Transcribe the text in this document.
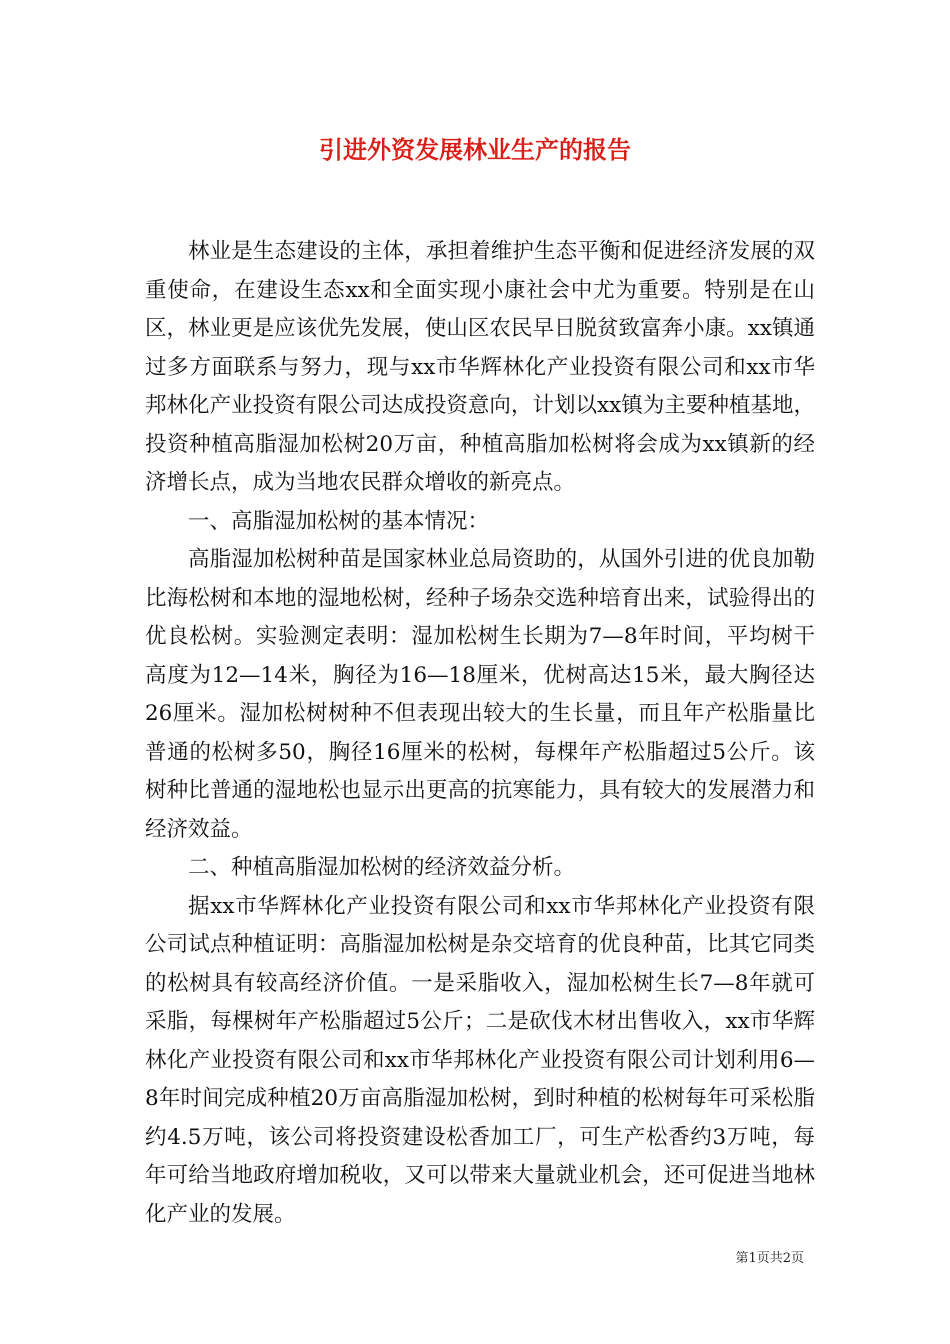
引进外资发展林业生产的报告

林业是生态建设的主体，承担着维护生态平衡和促进经济发展的双重使命，在建设生态xx和全面实现小康社会中尤为重要。特别是在山区，林业更是应该优先发展，使山区农民早日脱贫致富奔小康。xx镇通过多方面联系与努力，现与xx市华辉林化产业投资有限公司和xx市华邦林化产业投资有限公司达成投资意向，计划以xx镇为主要种植基地，投资种植高脂湿加松树20万亩，种植高脂加松树将会成为xx镇新的经济增长点，成为当地农民群众增收的新亮点。

一、高脂湿加松树的基本情况：

高脂湿加松树种苗是国家林业总局资助的，从国外引进的优良加勒比海松树和本地的湿地松树，经种子场杂交选种培育出来，试验得出的优良松树。实验测定表明：湿加松树生长期为7—8年时间，平均树干高度为12—14米，胸径为16—18厘米，优树高达15米，最大胸径达26厘米。湿加松树树种不但表现出较大的生长量，而且年产松脂量比普通的松树多50，胸径16厘米的松树，每棵年产松脂超过5公斤。该树种比普通的湿地松也显示出更高的抗寒能力，具有较大的发展潜力和经济效益。

二、种植高脂湿加松树的经济效益分析。

据xx市华辉林化产业投资有限公司和xx市华邦林化产业投资有限公司试点种植证明：高脂湿加松树是杂交培育的优良种苗，比其它同类的松树具有较高经济价值。一是采脂收入，湿加松树生长7—8年就可采脂，每棵树年产松脂超过5公斤；二是砍伐木材出售收入，xx市华辉林化产业投资有限公司和xx市华邦林化产业投资有限公司计划利用6—8年时间完成种植20万亩高脂湿加松树，到时种植的松树每年可采松脂约4.5万吨，该公司将投资建设松香加工厂，可生产松香约3万吨，每年可给当地政府增加税收，又可以带来大量就业机会，还可促进当地林化产业的发展。

第1页共2页
